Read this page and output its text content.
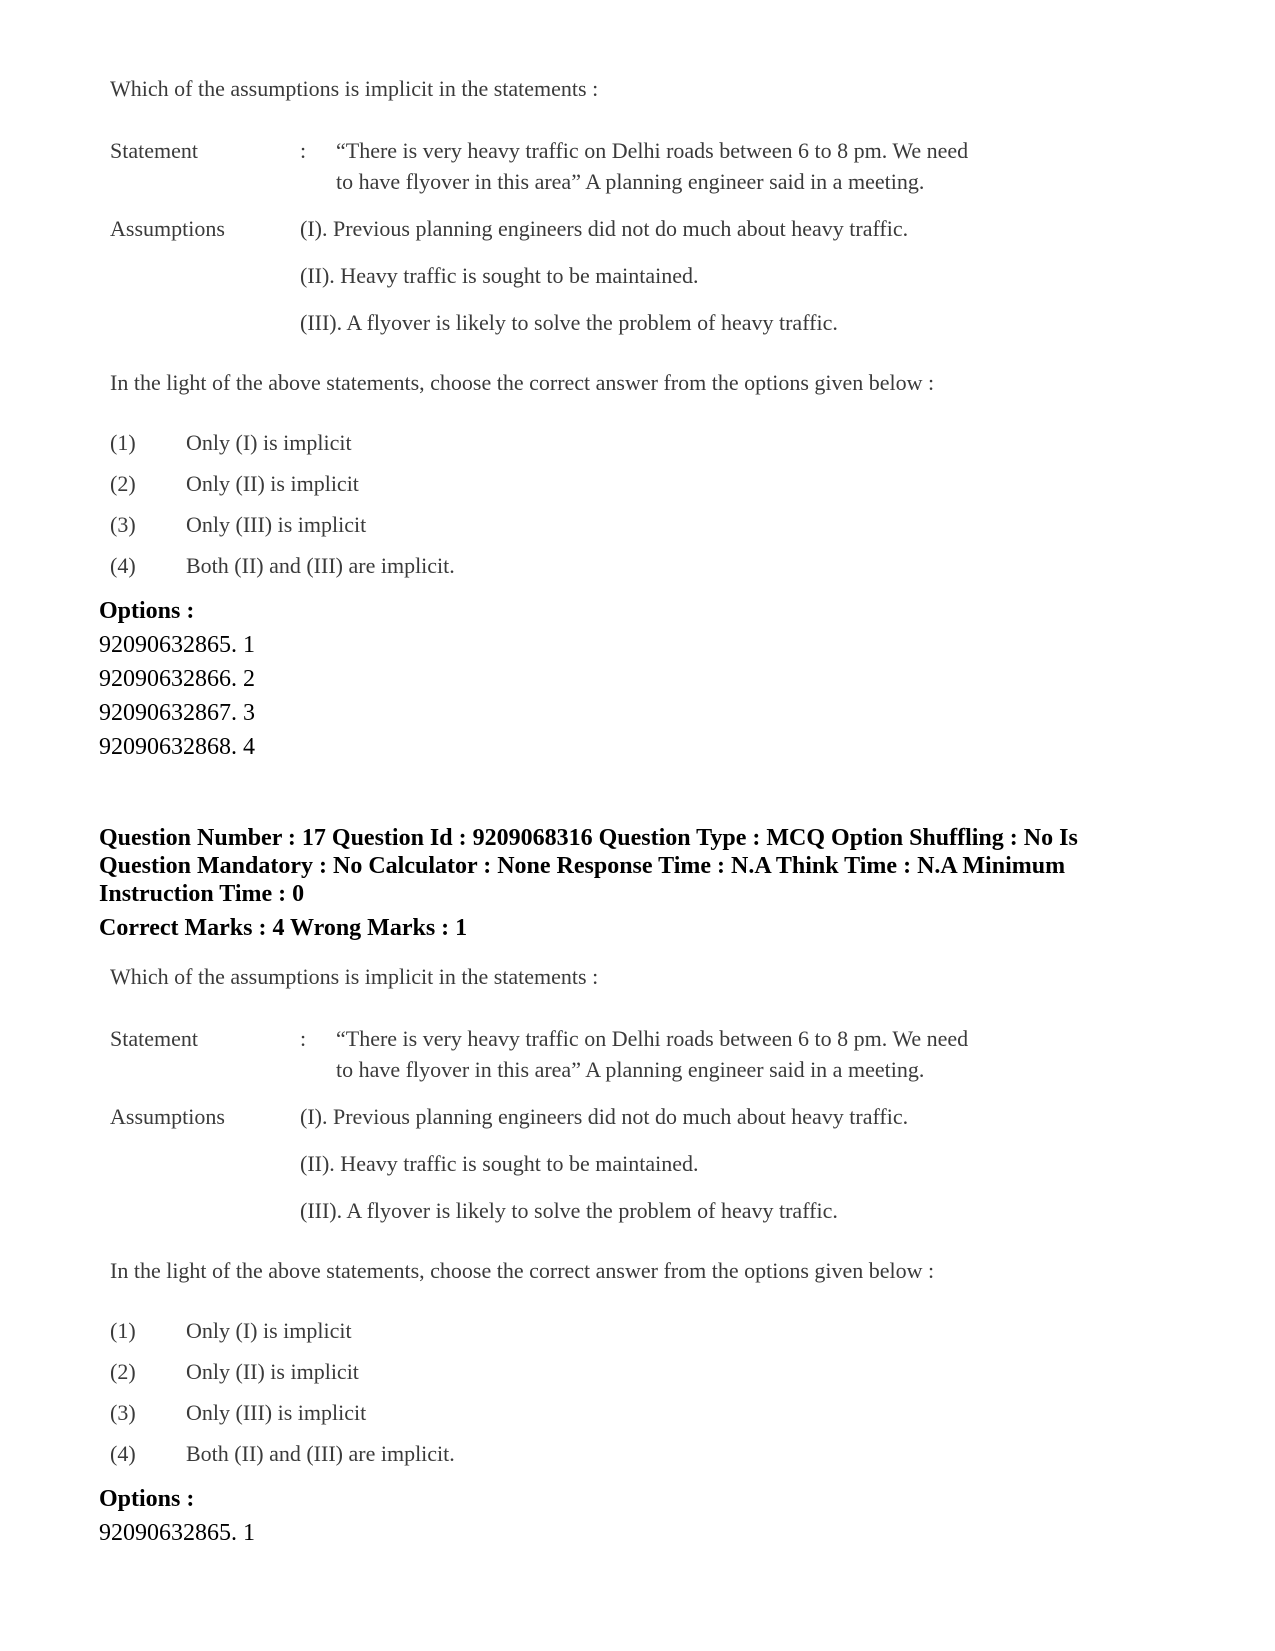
Which of the assumptions is implicit in the statements :
Statement	: “There is very heavy traffic on Delhi roads between 6 to 8 pm. We need
to have flyover in this area” A planning engineer said in a meeting.
Assumptions	(I). Previous planning engineers did not do much about heavy traffic.
(II). Heavy traffic is sought to be maintained.
(III). A flyover is likely to solve the problem of heavy traffic.
In the light of the above statements, choose the correct answer from the options given below :
(1) Only (I) is implicit
(2) Only (II) is implicit
(3) Only (III) is implicit
(4) Both (II) and (III) are implicit.
Options :
92090632865. 1
92090632866. 2
92090632867. 3
92090632868. 4
Question Number : 17 Question Id : 9209068316 Question Type : MCQ Option Shuffling : No Is
Question Mandatory : No Calculator : None Response Time : N.A Think Time : N.A Minimum
Instruction Time : 0
Correct Marks : 4 Wrong Marks : 1
Which of the assumptions is implicit in the statements :
Statement	: “There is very heavy traffic on Delhi roads between 6 to 8 pm. We need
to have flyover in this area” A planning engineer said in a meeting.
Assumptions	(I). Previous planning engineers did not do much about heavy traffic.
(II). Heavy traffic is sought to be maintained.
(III). A flyover is likely to solve the problem of heavy traffic.
In the light of the above statements, choose the correct answer from the options given below :
(1) Only (I) is implicit
(2) Only (II) is implicit
(3) Only (III) is implicit
(4) Both (II) and (III) are implicit.
Options :
92090632865. 1
